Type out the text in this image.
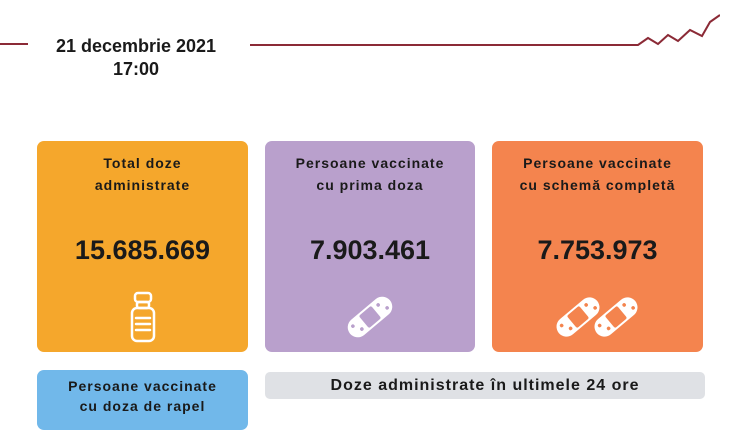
21 decembrie 2021
17:00
Total doze
administrate
15.685.669
Persoane vaccinate
cu prima doza
7.903.461
Persoane vaccinate
cu schemă completă
7.753.973
Persoane vaccinate
cu doza de rapel
Doze administrate în ultimele 24 ore
